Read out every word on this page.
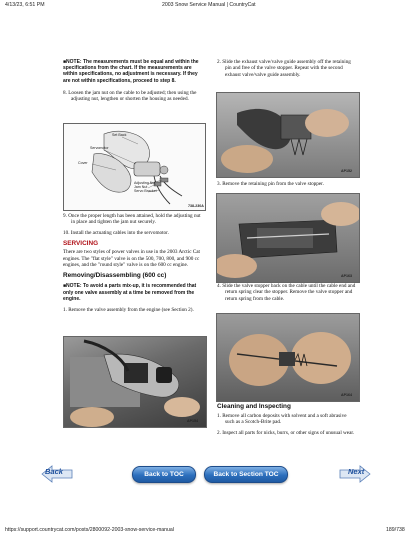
4/13/23, 6:51 PM	2003 Snow Service Manual | CountryCat

■NOTE: The measurements must be equal and within the specifications from the chart. If the measurements are within specifications, no adjustment is necessary. If they are not within specifications, proceed to step 8.

8. Loosen the jam nut on the cable to be adjusted; then using the adjusting nut, lengthen or shorten the housing as needed.

Set Back
Servomotor
Cover
Adjusting Nut
Jam Nut
Servo Bracket
738-230A

9. Once the proper length has been attained, hold the adjusting nut in place and tighten the jam nut securely.

10. Install the actuating cables into the servomotor.

SERVICING

There are two styles of power valves in use in the 2003 Arctic Cat engines. The "flat style" valve is on the 500, 700, 800, and 900 cc engines, and the "round style" valve is on the 600 cc engine.

Removing/Disassembling (600 cc)

■NOTE: To avoid a parts mix-up, it is recommended that only one valve assembly at a time be removed from the engine.

1. Remove the valve assembly from the engine (see Section 2).

AP154

2. Slide the exhaust valve/valve guide assembly off the retaining pin and free of the valve stopper. Repeat with the second exhaust valve/valve guide assembly.

AP152

3. Remove the retaining pin from the valve stopper.

AP163

4. Slide the valve stopper back on the cable until the cable end and return spring clear the stopper. Remove the valve stopper and return spring from the cable.

AP164
Cleaning and Inspecting

1. Remove all carbon deposits with solvent and a soft abrasive such as a Scotch-Brite pad.

2. Inspect all parts for nicks, burrs, or other signs of unusual wear.

Back	Back to TOC	Back to Section TOC	Next
https://support.countrycat.com/posts/2800092-2003-snow-service-manual	189/738
